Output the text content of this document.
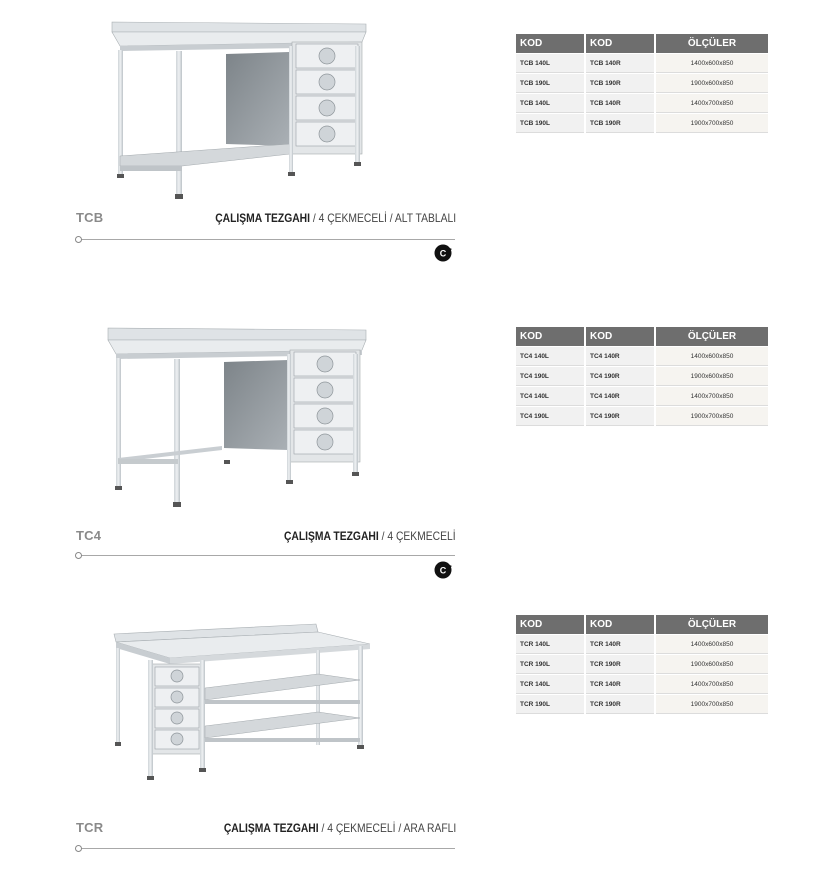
TCB	ÇALIŞMA TEZGAHI / 4 ÇEKMECELİ / ALT TABLALI
C
KOD	KOD	ÖLÇÜLER
TCB 140L	TCB 140R	1400x600x850
TCB 190L	TCB 190R	1900x600x850
TCB 140L	TCB 140R	1400x700x850
TCB 190L	TCB 190R	1900x700x850
TC4	ÇALIŞMA TEZGAHI / 4 ÇEKMECELİ
C
KOD	KOD	ÖLÇÜLER
TC4 140L	TC4 140R	1400x600x850
TC4 190L	TC4 190R	1900x600x850
TC4 140L	TC4 140R	1400x700x850
TC4 190L	TC4 190R	1900x700x850
TCR	ÇALIŞMA TEZGAHI / 4 ÇEKMECELİ / ARA RAFLI
KOD	KOD	ÖLÇÜLER
TCR 140L	TCR 140R	1400x600x850
TCR 190L	TCR 190R	1900x600x850
TCR 140L	TCR 140R	1400x700x850
TCR 190L	TCR 190R	1900x700x850
